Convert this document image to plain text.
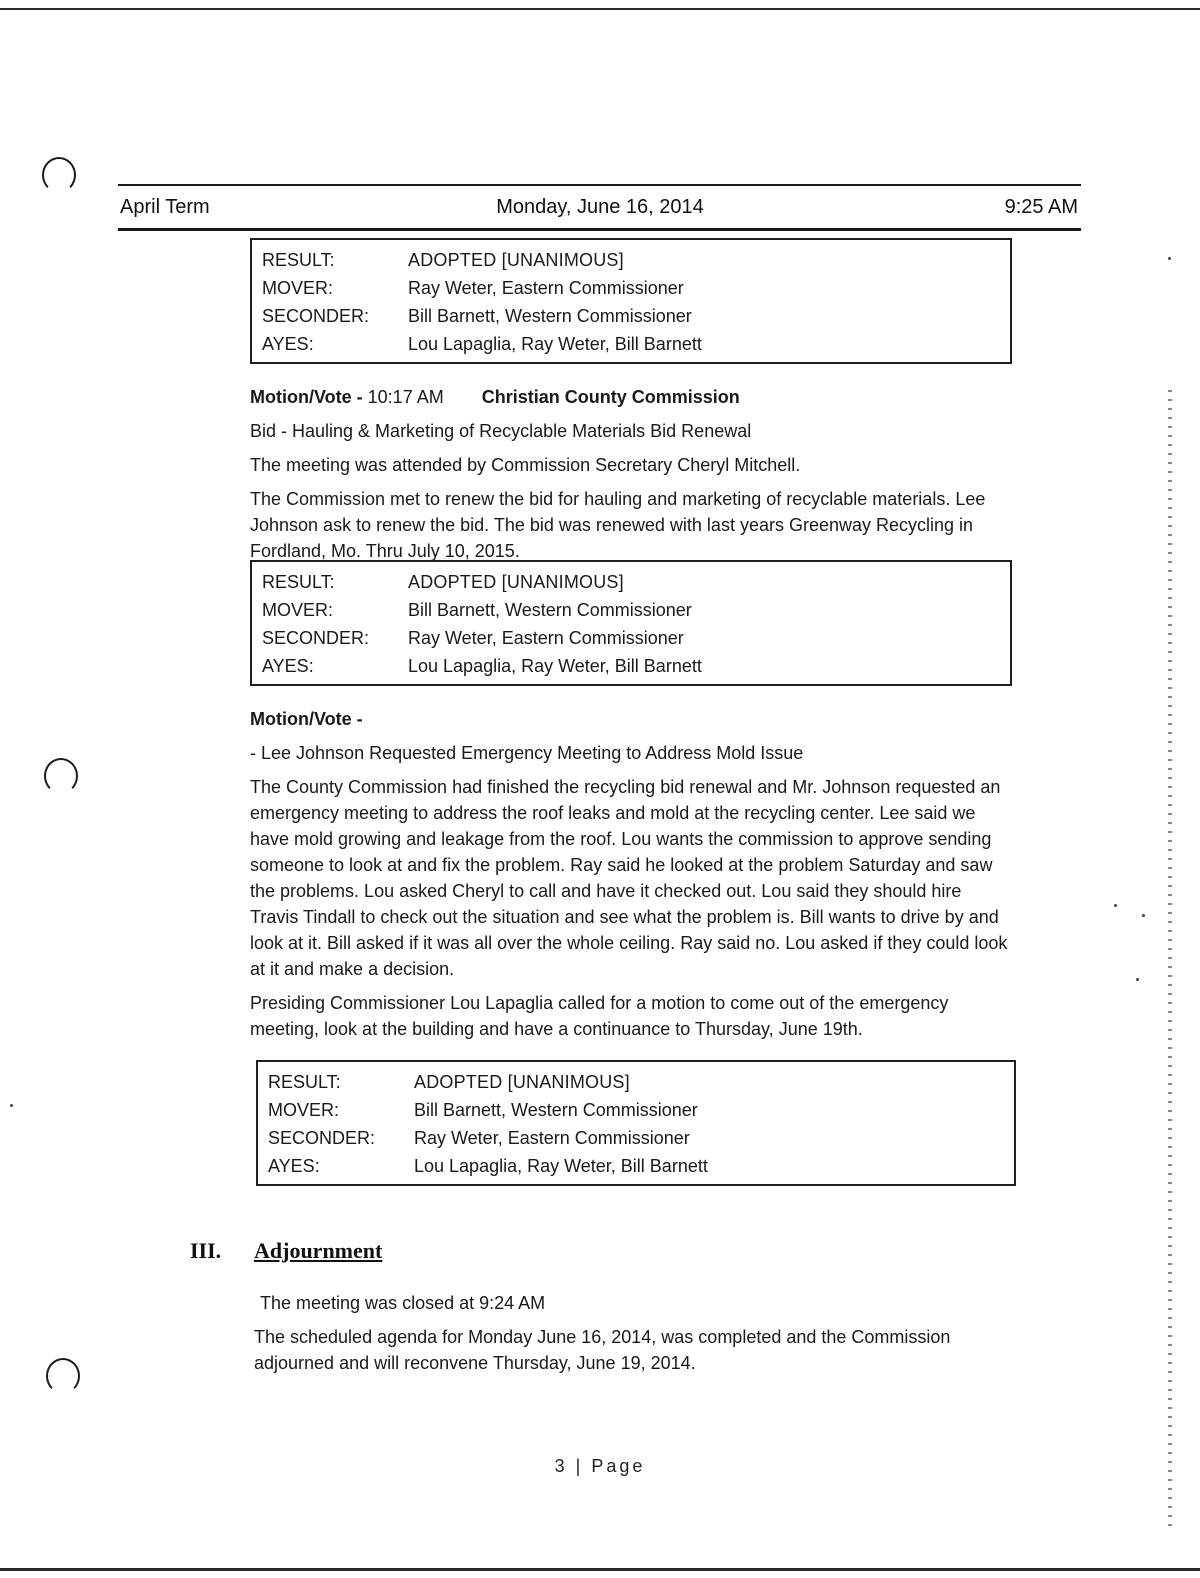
April Term	Monday, June 16, 2014	9:25 AM
RESULT:	ADOPTED [UNANIMOUS]
MOVER:	Ray Weter, Eastern Commissioner
SECONDER:	Bill Barnett, Western Commissioner
AYES:	Lou Lapaglia, Ray Weter, Bill Barnett

Motion/Vote - 10:17 AM Christian County Commission

Bid - Hauling & Marketing of Recyclable Materials Bid Renewal

The meeting was attended by Commission Secretary Cheryl Mitchell.

The Commission met to renew the bid for hauling and marketing of recyclable materials. Lee Johnson ask to renew the bid. The bid was renewed with last years Greenway Recycling in Fordland, Mo. Thru July 10, 2015.

RESULT:	ADOPTED [UNANIMOUS]
MOVER:	Bill Barnett, Western Commissioner
SECONDER:	Ray Weter, Eastern Commissioner
AYES:	Lou Lapaglia, Ray Weter, Bill Barnett

Motion/Vote -

- Lee Johnson Requested Emergency Meeting to Address Mold Issue

The County Commission had finished the recycling bid renewal and Mr. Johnson requested an emergency meeting to address the roof leaks and mold at the recycling center. Lee said we have mold growing and leakage from the roof. Lou wants the commission to approve sending someone to look at and fix the problem. Ray said he looked at the problem Saturday and saw the problems. Lou asked Cheryl to call and have it checked out. Lou said they should hire Travis Tindall to check out the situation and see what the problem is. Bill wants to drive by and look at it. Bill asked if it was all over the whole ceiling. Ray said no. Lou asked if they could look at it and make a decision.

Presiding Commissioner Lou Lapaglia called for a motion to come out of the emergency meeting, look at the building and have a continuance to Thursday, June 19th.

RESULT:	ADOPTED [UNANIMOUS]
MOVER:	Bill Barnett, Western Commissioner
SECONDER:	Ray Weter, Eastern Commissioner
AYES:	Lou Lapaglia, Ray Weter, Bill Barnett
III. Adjournment

The meeting was closed at 9:24 AM

The scheduled agenda for Monday June 16, 2014, was completed and the Commission adjourned and will reconvene Thursday, June 19, 2014.

3 | Page
